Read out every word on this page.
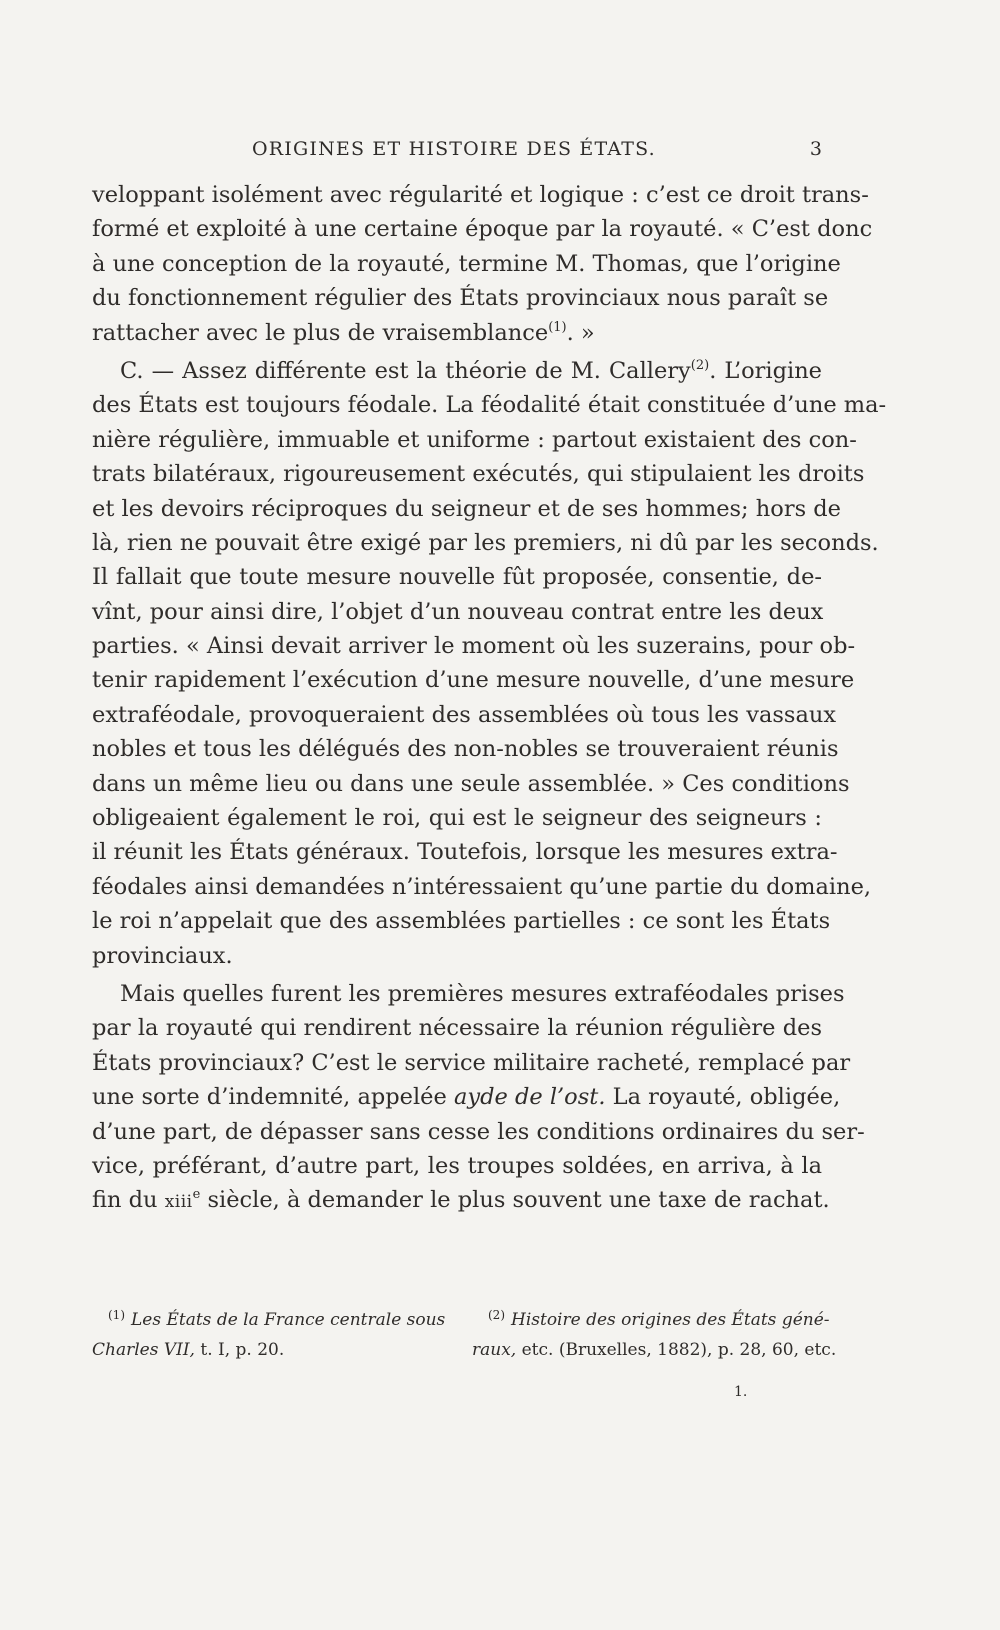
ORIGINES ET HISTOIRE DES ÉTATS.	3
veloppant isolément avec régularité et logique : c’est ce droit trans-
formé et exploité à une certaine époque par la royauté. « C’est donc
à une conception de la royauté, termine M. Thomas, que l’origine
du fonctionnement régulier des États provinciaux nous paraît se
rattacher avec le plus de vraisemblance$^{(1)}$. »
C. — Assez différente est la théorie de M. Callery$^{(2)}$. L’origine
des États est toujours féodale. La féodalité était constituée d’une ma-
nière régulière, immuable et uniforme : partout existaient des con-
trats bilatéraux, rigoureusement exécutés, qui stipulaient les droits
et les devoirs réciproques du seigneur et de ses hommes; hors de
là, rien ne pouvait être exigé par les premiers, ni dû par les seconds.
Il fallait que toute mesure nouvelle fût proposée, consentie, de-
vînt, pour ainsi dire, l’objet d’un nouveau contrat entre les deux
parties. « Ainsi devait arriver le moment où les suzerains, pour ob-
tenir rapidement l’exécution d’une mesure nouvelle, d’une mesure
extraféodale, provoqueraient des assemblées où tous les vassaux
nobles et tous les délégués des non-nobles se trouveraient réunis
dans un même lieu ou dans une seule assemblée. » Ces conditions
obligeaient également le roi, qui est le seigneur des seigneurs :
il réunit les États généraux. Toutefois, lorsque les mesures extra-
féodales ainsi demandées n’intéressaient qu’une partie du domaine,
le roi n’appelait que des assemblées partielles : ce sont les États
provinciaux.
Mais quelles furent les premières mesures extraféodales prises
par la royauté qui rendirent nécessaire la réunion régulière des
États provinciaux? C’est le service militaire racheté, remplacé par
une sorte d’indemnité, appelée ayde de l’ost. La royauté, obligée,
d’une part, de dépasser sans cesse les conditions ordinaires du ser-
vice, préférant, d’autre part, les troupes soldées, en arriva, à la
fin du xiii$^e$ siècle, à demander le plus souvent une taxe de rachat.
$^{(1)}$ Les États de la France centrale sous
Charles VII, t. I, p. 20.
$^{(2)}$ Histoire des origines des États géné-
raux, etc. (Bruxelles, 1882), p. 28, 60, etc.
1.
